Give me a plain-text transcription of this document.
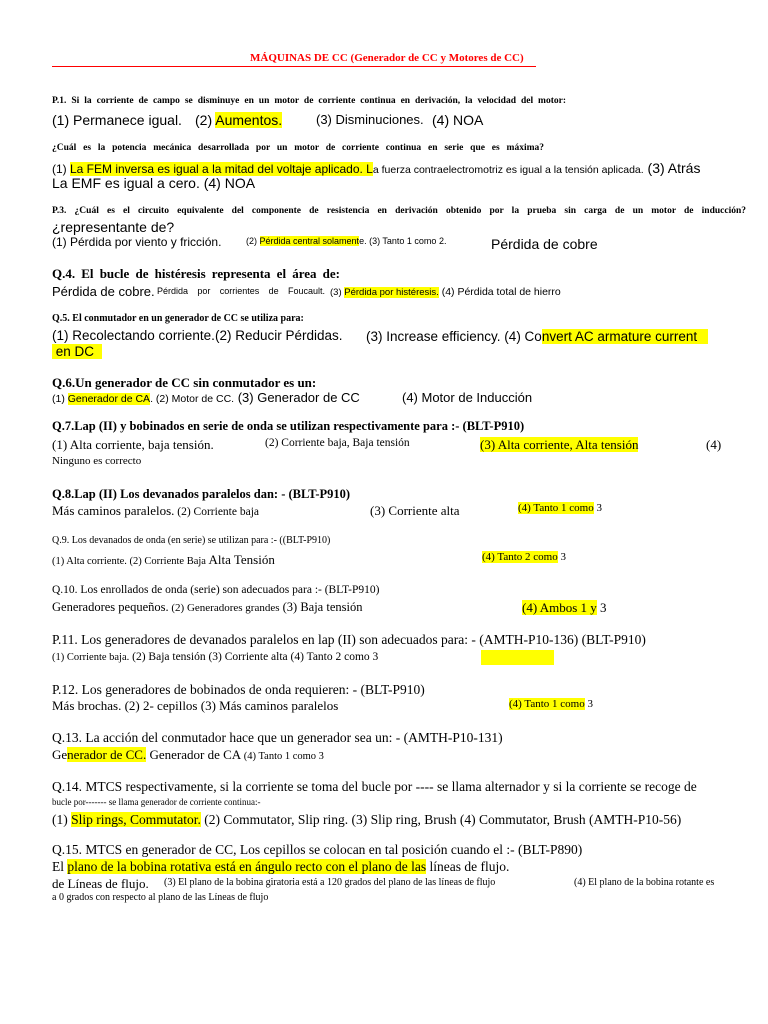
MÁQUINAS DE CC (Generador de CC y Motores de CC)
P.1. Si la corriente de campo se disminuye en un motor de corriente continua en derivación, la velocidad del motor:
(1) Permanece igual. (2) Aumentos.	(3) Disminuciones. (4) NOA
¿Cuál es la potencia mecánica desarrollada por un motor de corriente continua en serie que es máxima?
(1) La FEM inversa es igual a la mitad del voltaje aplicado. La fuerza contraelectromotriz es igual a la tensión aplicada. (3) Atrás
La EMF es igual a cero. (4) NOA
P.3. ¿Cuál es el circuito equivalente del componente de resistencia en derivación obtenido por la prueba sin carga de un motor de inducción?
¿representante de?
(1) Pérdida por viento y fricción.	(2) Pérdida central solamente. (3) Tanto 1 como 2.	Pérdida de cobre
Q.4. El bucle de histéresis representa el área de:
Pérdida de cobre. Pérdida por corrientes de Foucault. (3) Pérdida por histéresis. (4) Pérdida total de hierro
Q.5. El conmutador en un generador de CC se utiliza para:
(1) Recolectando corriente. (2) Reducir Pérdidas. (3) Increase efficiency. (4) Convert AC armature current
en DC
Q.6.Un generador de CC sin conmutador es un:
(1) Generador de CA. (2) Motor de CC. (3) Generador de CC	(4) Motor de Inducción
Q.7.Lap (II) y bobinados en serie de onda se utilizan respectivamente para :- (BLT-P910)
(1) Alta corriente, baja tensión.	(2) Corriente baja, Baja tensión	(3) Alta corriente, Alta tensión	(4)
Ninguno es correcto
Q.8.Lap (II) Los devanados paralelos dan: - (BLT-P910)
Más caminos paralelos. (2) Corriente baja	(3) Corriente alta	(4) Tanto 1 como 3
Q.9. Los devanados de onda (en serie) se utilizan para :- ((BLT-P910)
(1) Alta corriente. (2) Corriente Baja Alta Tensión	(4) Tanto 2 como 3
Q.10. Los enrollados de onda (serie) son adecuados para :- (BLT-P910)
Generadores pequeños. (2) Generadores grandes (3) Baja tensión	(4) Ambos 1 y 3
P.11. Los generadores de devanados paralelos en lap (II) son adecuados para: - (AMTH-P10-136) (BLT-P910)
(1) Corriente baja. (2) Baja tensión (3) Corriente alta (4) Tanto 2 como 3
P.12. Los generadores de bobinados de onda requieren: - (BLT-P910)
Más brochas. (2) 2- cepillos (3) Más caminos paralelos	(4) Tanto 1 como 3
Q.13. La acción del conmutador hace que un generador sea un: - (AMTH-P10-131)
Generador de CC. Generador de CA (4) Tanto 1 como 3
Q.14. MTCS respectivamente, si la corriente se toma del bucle por ---- se llama alternador y si la corriente se recoge de
bucle por------- se llama generador de corriente continua:-
(1) Slip rings, Commutator. (2) Commutator, Slip ring. (3) Slip ring, Brush (4) Commutator, Brush (AMTH-P10-56)
Q.15. MTCS en generador de CC, Los cepillos se colocan en tal posición cuando el :- (BLT-P890)
El plano de la bobina rotativa está en ángulo recto con el plano de las líneas de flujo.
de Líneas de flujo. (3) El plano de la bobina giratoria está a 120 grados del plano de las líneas de flujo	(4) El plano de la bobina rotante es
a 0 grados con respecto al plano de las Líneas de flujo
